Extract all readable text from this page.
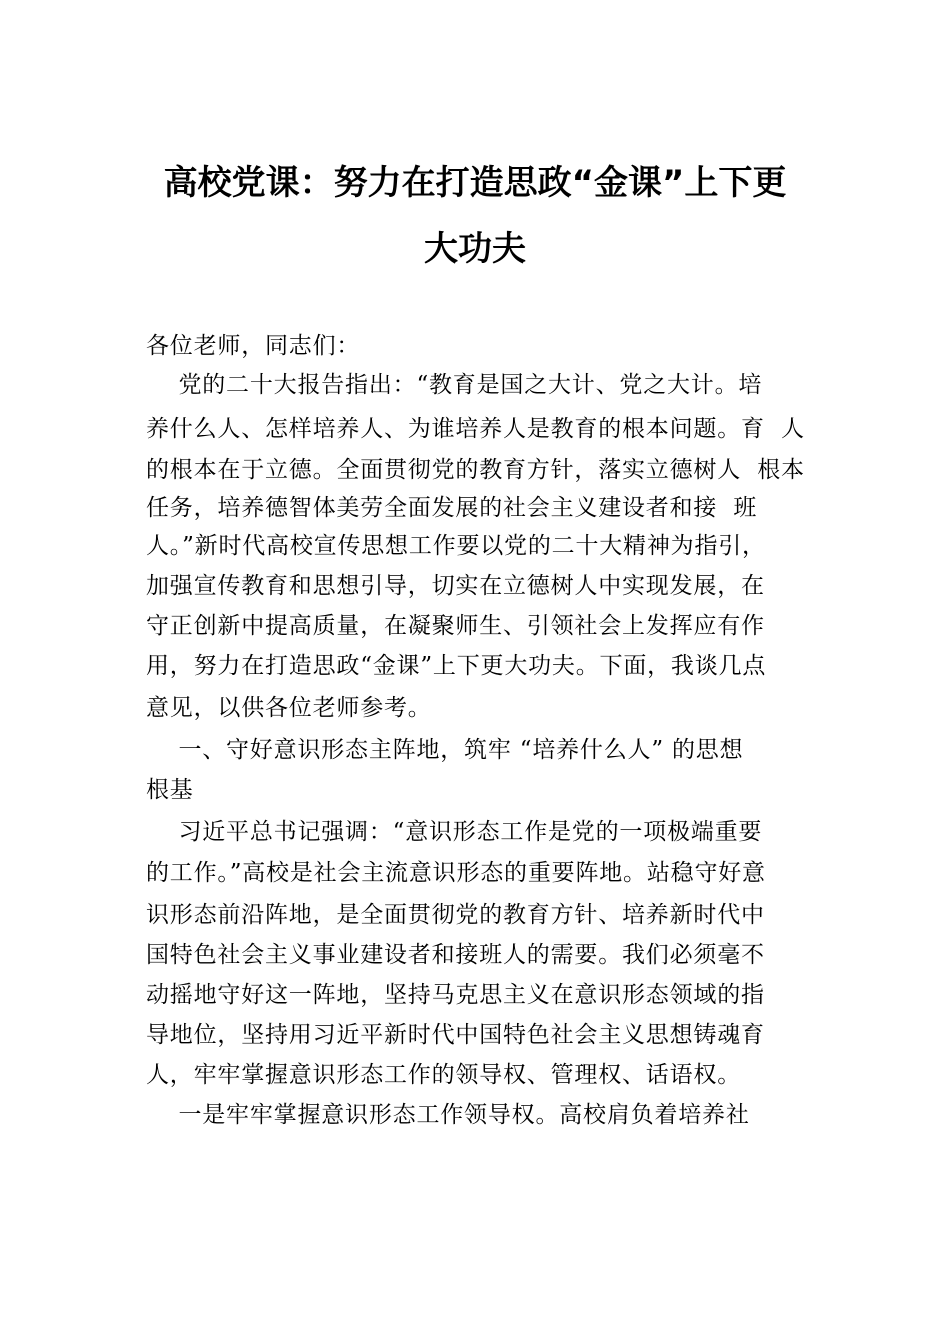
高校党课：努力在打造思政“金课”上下更
大功夫
各位老师，同志们：
党的二十大报告指出：“教育是国之大计、党之大计。培
养什么人、怎样培养人、为谁培养人是教育的根本问题。育  人
的根本在于立德。全面贯彻党的教育方针，落实立德树人  根本
任务，培养德智体美劳全面发展的社会主义建设者和接  班
人。”新时代高校宣传思想工作要以党的二十大精神为指引，
加强宣传教育和思想引导，切实在立德树人中实现发展，在
守正创新中提高质量，在凝聚师生、引领社会上发挥应有作
用，努力在打造思政“金课”上下更大功夫。下面，我谈几点
意见，以供各位老师参考。
一、守好意识形态主阵地，筑牢 “培养什么人” 的思想
根基
习近平总书记强调：“意识形态工作是党的一项极端重要
的工作。”高校是社会主流意识形态的重要阵地。站稳守好意
识形态前沿阵地，是全面贯彻党的教育方针、培养新时代中
国特色社会主义事业建设者和接班人的需要。我们必须毫不
动摇地守好这一阵地，坚持马克思主义在意识形态领域的指
导地位，坚持用习近平新时代中国特色社会主义思想铸魂育
人，牢牢掌握意识形态工作的领导权、管理权、话语权。
一是牢牢掌握意识形态工作领导权。高校肩负着培养社
